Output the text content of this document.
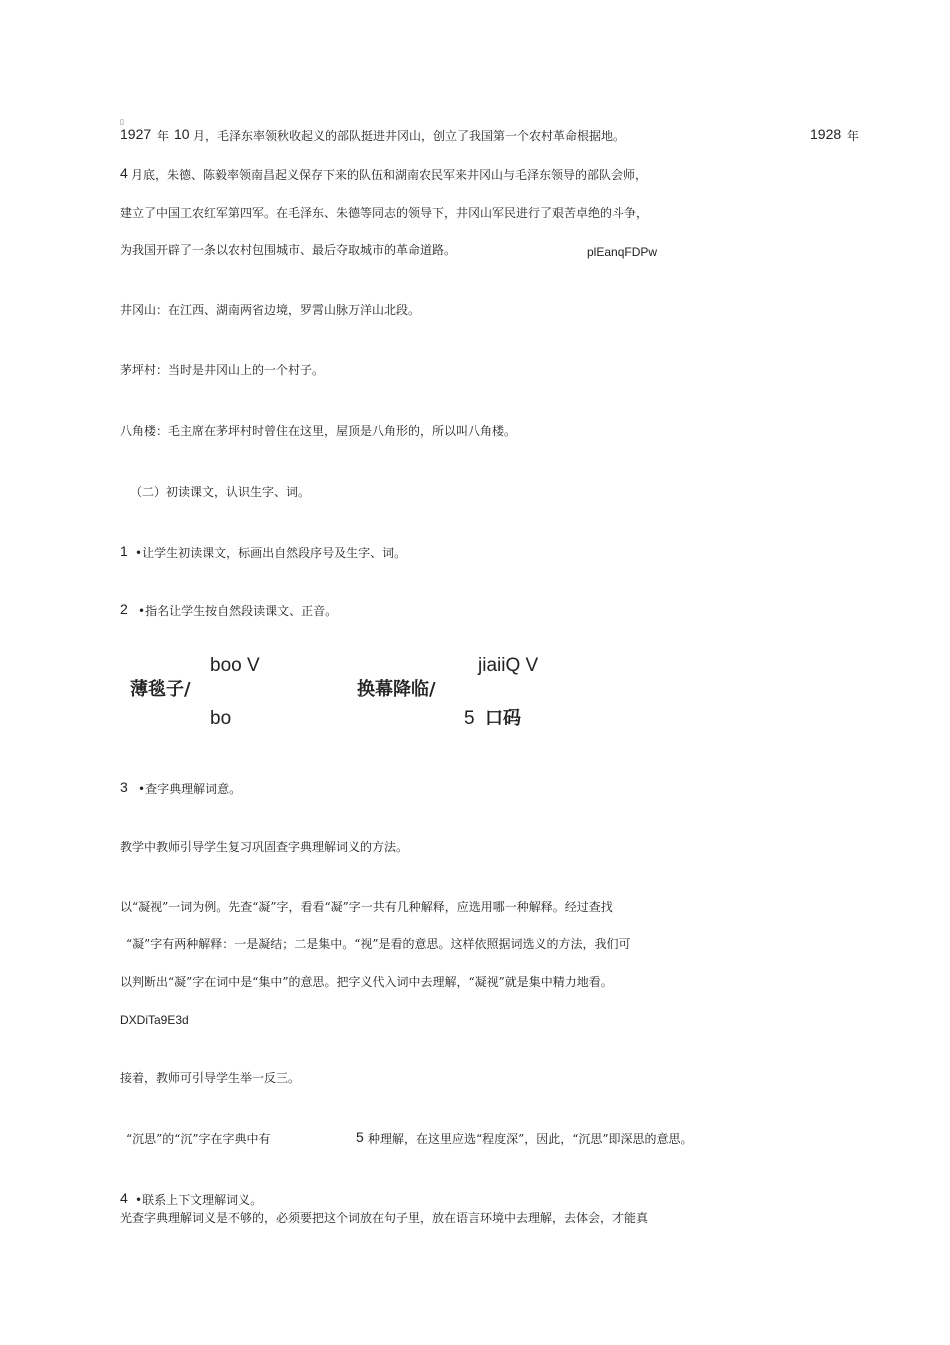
▯
1927 年 10 月，毛泽东率领秋收起义的部队挺进井冈山，创立了我国第一个农村革命根据地。	1928 年
4 月底，朱德、陈毅率领南昌起义保存下来的队伍和湖南农民军来井冈山与毛泽东领导的部队会师，
建立了中国工农红军第四军。在毛泽东、朱德等同志的领导下，井冈山军民进行了艰苦卓绝的斗争，
为我国开辟了一条以农村包围城市、最后夺取城市的革命道路。	plEanqFDPw
井冈山：在江西、湖南两省边境，罗霄山脉万洋山北段。
茅坪村：当时是井冈山上的一个村子。
八角楼：毛主席在茅坪村时曾住在这里，屋顶是八角形的，所以叫八角楼。
（二）初读课文，认识生字、词。
1 •让学生初读课文，标画出自然段序号及生字、词。
2 •指名让学生按自然段读课文、正音。
boo V
薄毯子/
bo
jiaiiQ V
换幕降临/
5 口码
3 •查字典理解词意。
教学中教师引导学生复习巩固查字典理解词义的方法。
以“凝视”一词为例。先查“凝”字，看看“凝”字一共有几种解释，应选用哪一种解释。经过查找
“凝”字有两种解释：一是凝结；二是集中。“视”是看的意思。这样依照据词选义的方法，我们可
以判断出“凝”字在词中是“集中”的意思。把字义代入词中去理解，“凝视”就是集中精力地看。
DXDiTa9E3d
接着，教师可引导学生举一反三。
“沉思”的“沉”字在字典中有	5 种理解，在这里应选“程度深”，因此，“沉思”即深思的意思。
4 •联系上下文理解词义。
光查字典理解词义是不够的，必须要把这个词放在句子里，放在语言环境中去理解，去体会，才能真
